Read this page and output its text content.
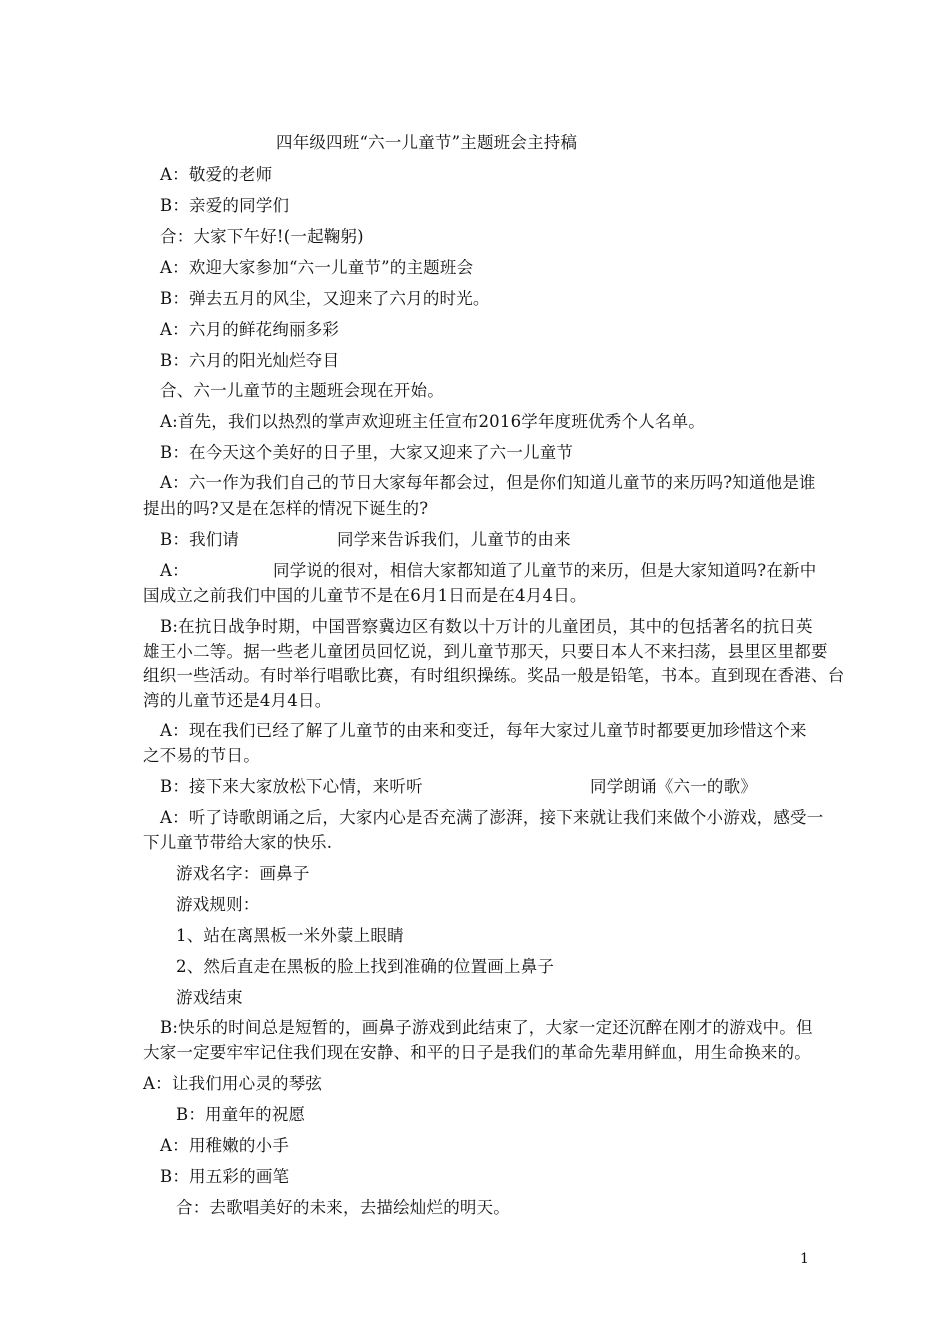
四年级四班“六一儿童节”主题班会主持稿
A：敬爱的老师
B：亲爱的同学们
合：大家下午好!(一起鞠躬)
A：欢迎大家参加“六一儿童节”的主题班会
B：弹去五月的风尘，又迎来了六月的时光。
A：六月的鲜花绚丽多彩
B：六月的阳光灿烂夺目
合、六一儿童节的主题班会现在开始。
A:首先，我们以热烈的掌声欢迎班主任宣布2016学年度班优秀个人名单。
B：在今天这个美好的日子里，大家又迎来了六一儿童节
A：六一作为我们自己的节日大家每年都会过，但是你们知道儿童节的来历吗?知道他是谁
提出的吗?又是在怎样的情况下诞生的?
B：我们请	同学来告诉我们，儿童节的由来
A：	同学说的很对，相信大家都知道了儿童节的来历，但是大家知道吗?在新中
国成立之前我们中国的儿童节不是在6月1日而是在4月4日。
B:在抗日战争时期，中国晋察冀边区有数以十万计的儿童团员，其中的包括著名的抗日英
雄王小二等。据一些老儿童团员回忆说，到儿童节那天，只要日本人不来扫荡，县里区里都要
组织一些活动。有时举行唱歌比赛，有时组织操练。奖品一般是铅笔，书本。直到现在香港、台
湾的儿童节还是4月4日。
A：现在我们已经了解了儿童节的由来和变迁，每年大家过儿童节时都要更加珍惜这个来
之不易的节日。
B：接下来大家放松下心情，来听听	同学朗诵《六一的歌》
A：听了诗歌朗诵之后，大家内心是否充满了澎湃，接下来就让我们来做个小游戏，感受一
下儿童节带给大家的快乐.
游戏名字：画鼻子
游戏规则：
1、站在离黑板一米外蒙上眼睛
2、然后直走在黑板的脸上找到准确的位置画上鼻子
游戏结束
B:快乐的时间总是短暂的，画鼻子游戏到此结束了，大家一定还沉醉在刚才的游戏中。但
大家一定要牢牢记住我们现在安静、和平的日子是我们的革命先辈用鲜血，用生命换来的。
A：让我们用心灵的琴弦
B：用童年的祝愿
A：用稚嫩的小手
B：用五彩的画笔
合：去歌唱美好的未来，去描绘灿烂的明天。
1
